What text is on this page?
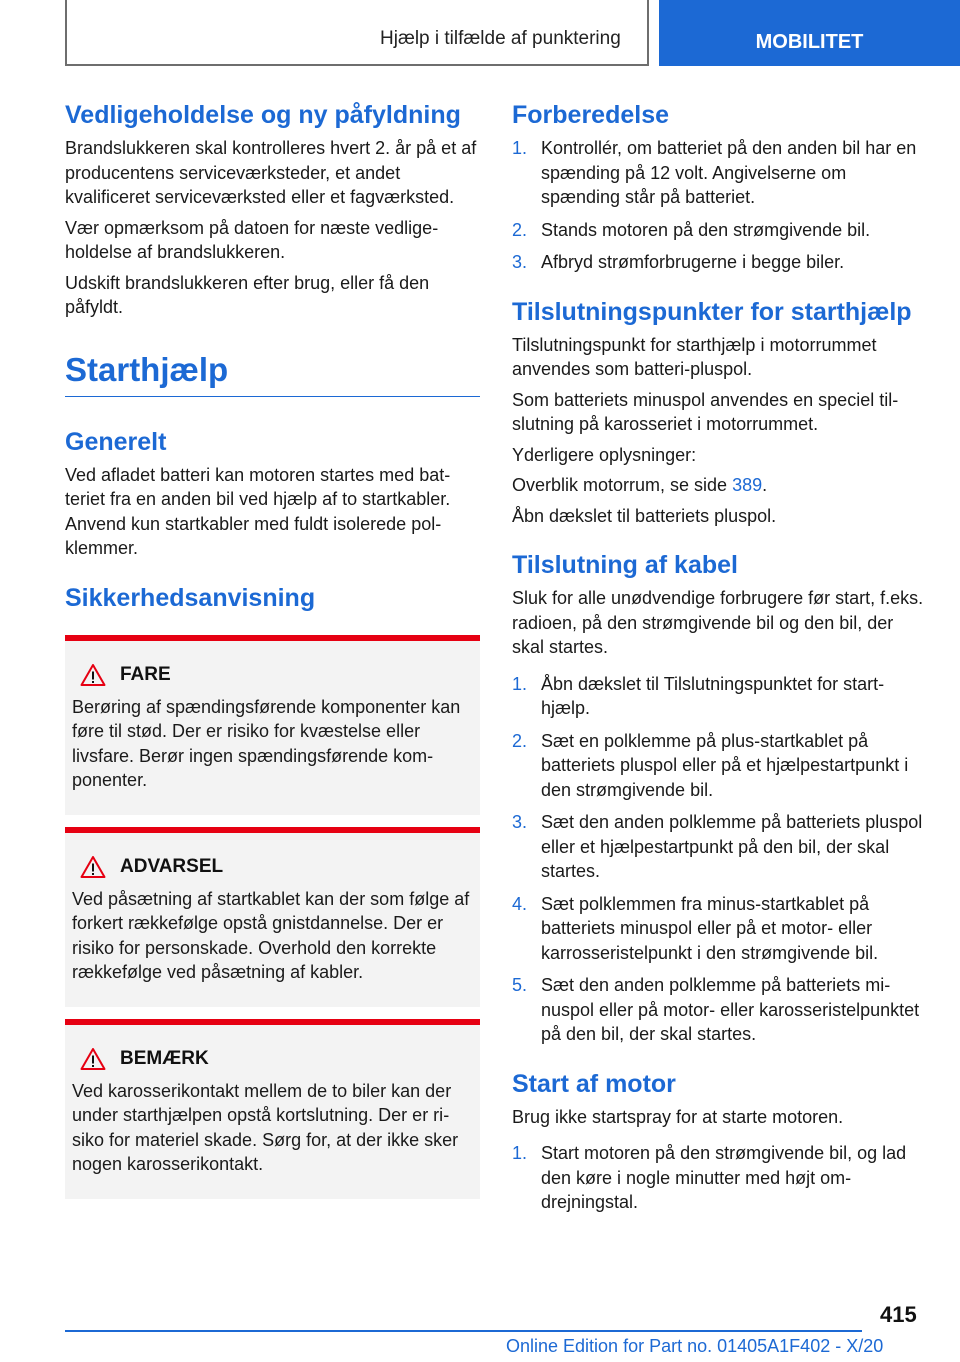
Hjælp i tilfælde af punktering	MOBILITET
Vedligeholdelse og ny påfyldning

Brandslukkeren skal kontrolleres hvert 2. år på et af producentens serviceværksteder, et andet kvalificeret serviceværksted eller et fagværksted.

Vær opmærksom på datoen for næste vedligeholdelse af brandslukkeren.

Udskift brandslukkeren efter brug, eller få den påfyldt.

Starthjælp
Generelt

Ved afladet batteri kan motoren startes med batteriet fra en anden bil ved hjælp af to startkabler. Anvend kun startkabler med fuldt isolerede polklemmer.

Sikkerhedsanvisning
FARE

Berøring af spændingsførende komponenter kan føre til stød. Der er risiko for kvæstelse eller livsfare. Berør ingen spændingsførende komponenter.

ADVARSEL

Ved påsætning af startkablet kan der som følge af forkert rækkefølge opstå gnistdannelse. Der er risiko for personskade. Overhold den korrekte rækkefølge ved påsætning af kabler.

BEMÆRK

Ved karosserikontakt mellem de to biler kan der under starthjælpen opstå kortslutning. Der er risiko for materiel skade. Sørg for, at der ikke sker nogen karosserikontakt.

Forberedelse
1. Kontrollér, om batteriet på den anden bil har en spænding på 12 volt. Angivelserne om spænding står på batteriet.
2. Stands motoren på den strømgivende bil.
3. Afbryd strømforbrugerne i begge biler.
Tilslutningspunkter for starthjælp

Tilslutningspunkt for starthjælp i motorrummet anvendes som batteri-pluspol.

Som batteriets minuspol anvendes en speciel tilslutning på karosseriet i motorrummet.

Yderligere oplysninger:

Overblik motorrum, se side 389.

Åbn dækslet til batteriets pluspol.

Tilslutning af kabel

Sluk for alle unødvendige forbrugere før start, f.eks. radioen, på den strømgivende bil og den bil, der skal startes.

1. Åbn dækslet til Tilslutningspunktet for starthjælp.
2. Sæt en polklemme på plus-startkablet på batteriets pluspol eller på et hjælpestartpunkt i den strømgivende bil.
3. Sæt den anden polklemme på batteriets pluspol eller et hjælpestartpunkt på den bil, der skal startes.
4. Sæt polklemmen fra minus-startkablet på batteriets minuspol eller på et motor- eller karrosseristelpunkt i den strømgivende bil.
5. Sæt den anden polklemme på batteriets minuspol eller på motor- eller karosseristelpunktet på den bil, der skal startes.
Start af motor

Brug ikke startspray for at starte motoren.

1. Start motoren på den strømgivende bil, og lad den køre i nogle minutter med højt omdrejningstal.
415
Online Edition for Part no. 01405A1F402 - X/20
